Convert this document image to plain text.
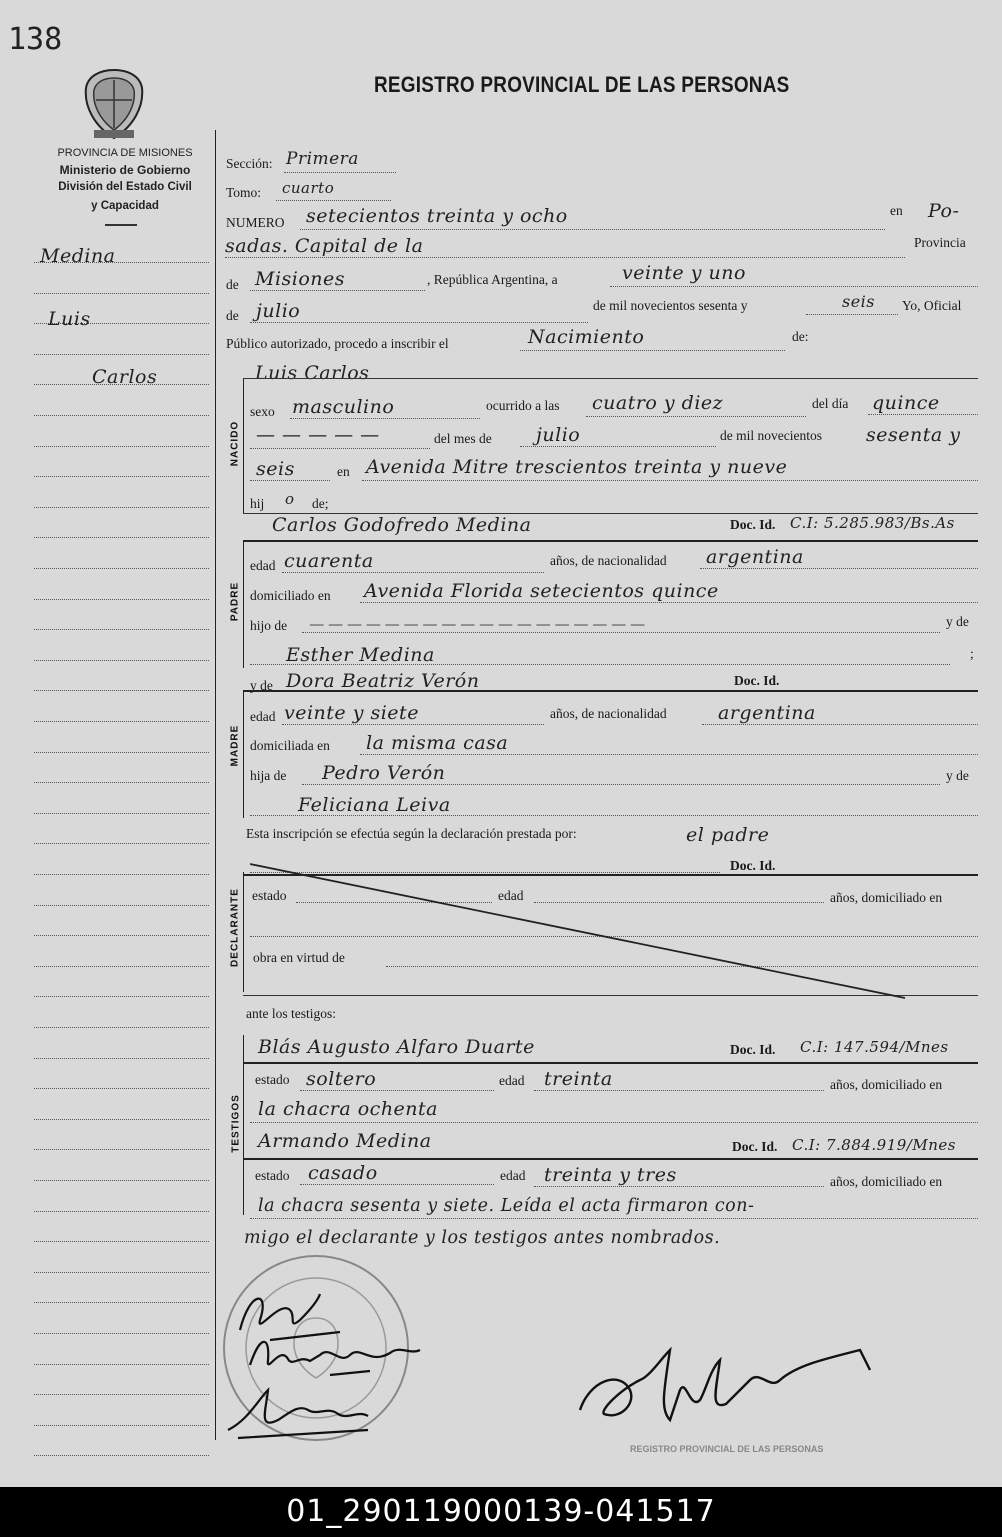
138
REGISTRO PROVINCIAL DE LAS PERSONAS
PROVINCIA DE MISIONES
Ministerio de Gobierno
División del Estado Civil
y Capacidad
Medina
Luis
Carlos
Sección: Primera
Tomo: cuarto
NUMERO setecientos treinta y ocho	en Po-
sadas. Capital de la	Provincia
de Misiones	, República Argentina, a	veinte y uno
de julio	de mil novecientos sesenta y	seis Yo, Oficial
Público autorizado, procedo a inscribir el	Nacimiento	de:
NACIDO
Luis Carlos
sexo masculino	ocurrido a las cuatro y diez	del día quince
— — — — —	del mes de julio	de mil novecientos sesenta y
seis	en Avenida Mitre trescientos treinta y nueve
hij o de;
PADRE
Carlos Godofredo Medina	Doc. Id. C.I: 5.285.983/Bs.As
edad cuarenta	años, de nacionalidad argentina
domiciliado en Avenida Florida setecientos quince
hijo de — — — — — — — — — — — — — — — — — —	y de
Esther Medina	;
MADRE
y de Dora Beatriz Verón	Doc. Id.
edad veinte y siete	años, de nacionalidad	argentina
domiciliada en la misma casa
hija de Pedro Verón	y de
Feliciana Leiva
Esta inscripción se efectúa según la declaración prestada por:	el padre
DECLARANTE
Doc. Id.
estado	edad	años, domiciliado en
obra en virtud de
ante los testigos:
TESTIGOS
Blás Augusto Alfaro Duarte	Doc. Id. C.I: 147.594/Mnes
estado soltero	edad treinta	años, domiciliado en
la chacra ochenta
Armando Medina	Doc. Id. C.I: 7.884.919/Mnes
estado casado	edad treinta y tres	años, domiciliado en
la chacra sesenta y siete. Leída el acta firmaron con-
migo el declarante y los testigos antes nombrados.
REGISTRO PROVINCIAL DE LAS PERSONAS
01_290119000139-041517
